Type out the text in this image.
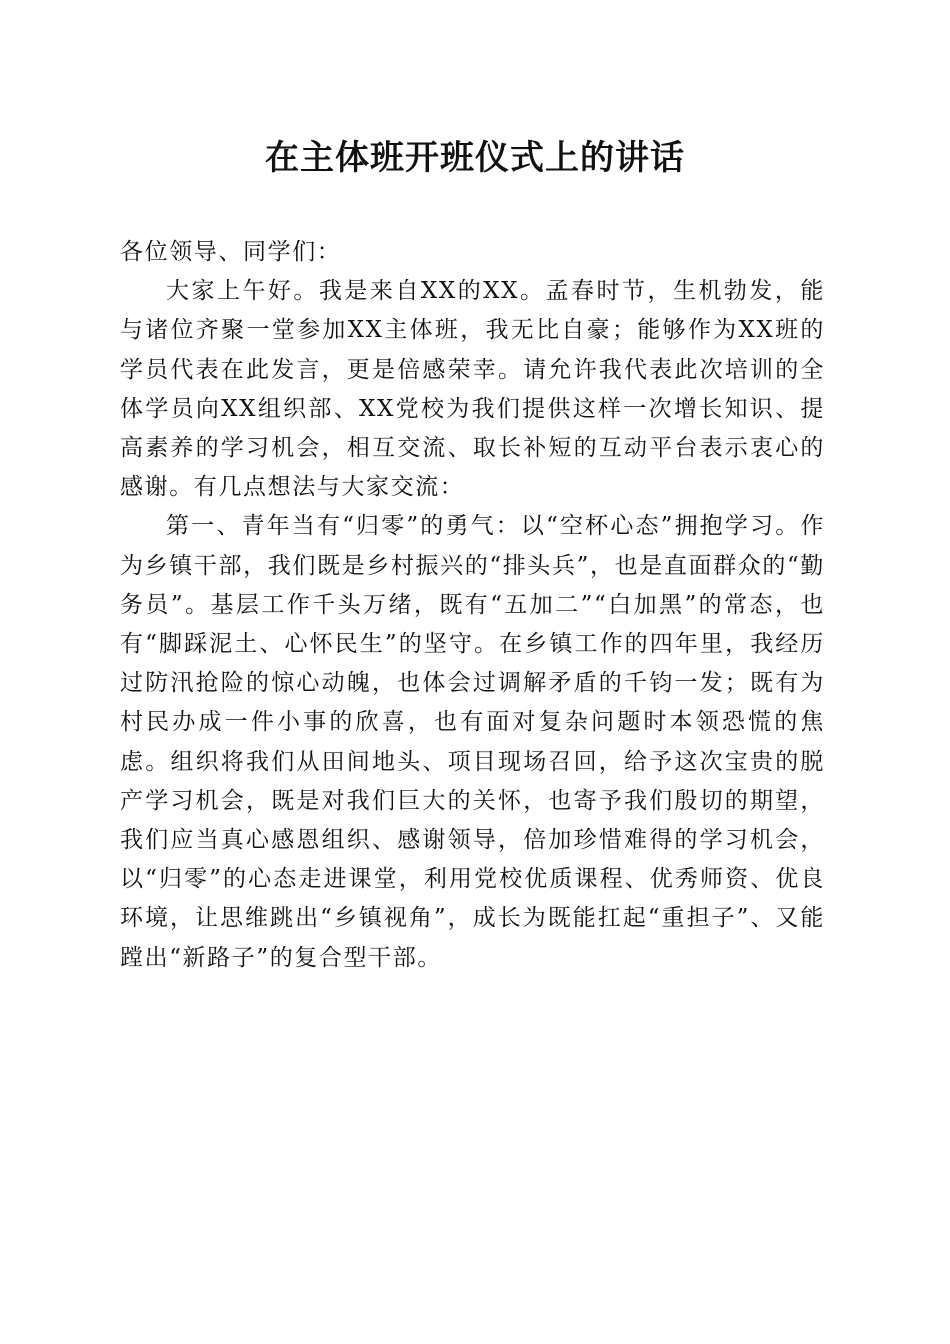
在主体班开班仪式上的讲话

各位领导、同学们：

大家上午好。我是来自XX的XX。孟春时节，生机勃发，能与诸位齐聚一堂参加XX主体班，我无比自豪；能够作为XX班的学员代表在此发言，更是倍感荣幸。请允许我代表此次培训的全体学员向XX组织部、XX党校为我们提供这样一次增长知识、提高素养的学习机会，相互交流、取长补短的互动平台表示衷心的感谢。有几点想法与大家交流：

第一、青年当有“归零”的勇气：以“空杯心态”拥抱学习。作为乡镇干部，我们既是乡村振兴的“排头兵”，也是直面群众的“勤务员”。基层工作千头万绪，既有“五加二”“白加黑”的常态，也有“脚踩泥土、心怀民生”的坚守。在乡镇工作的四年里，我经历过防汛抢险的惊心动魄，也体会过调解矛盾的千钧一发；既有为村民办成一件小事的欣喜，也有面对复杂问题时本领恐慌的焦虑。组织将我们从田间地头、项目现场召回，给予这次宝贵的脱产学习机会，既是对我们巨大的关怀，也寄予我们殷切的期望，我们应当真心感恩组织、感谢领导，倍加珍惜难得的学习机会，以“归零”的心态走进课堂，利用党校优质课程、优秀师资、优良环境，让思维跳出“乡镇视角”，成长为既能扛起“重担子”、又能蹚出“新路子”的复合型干部。
